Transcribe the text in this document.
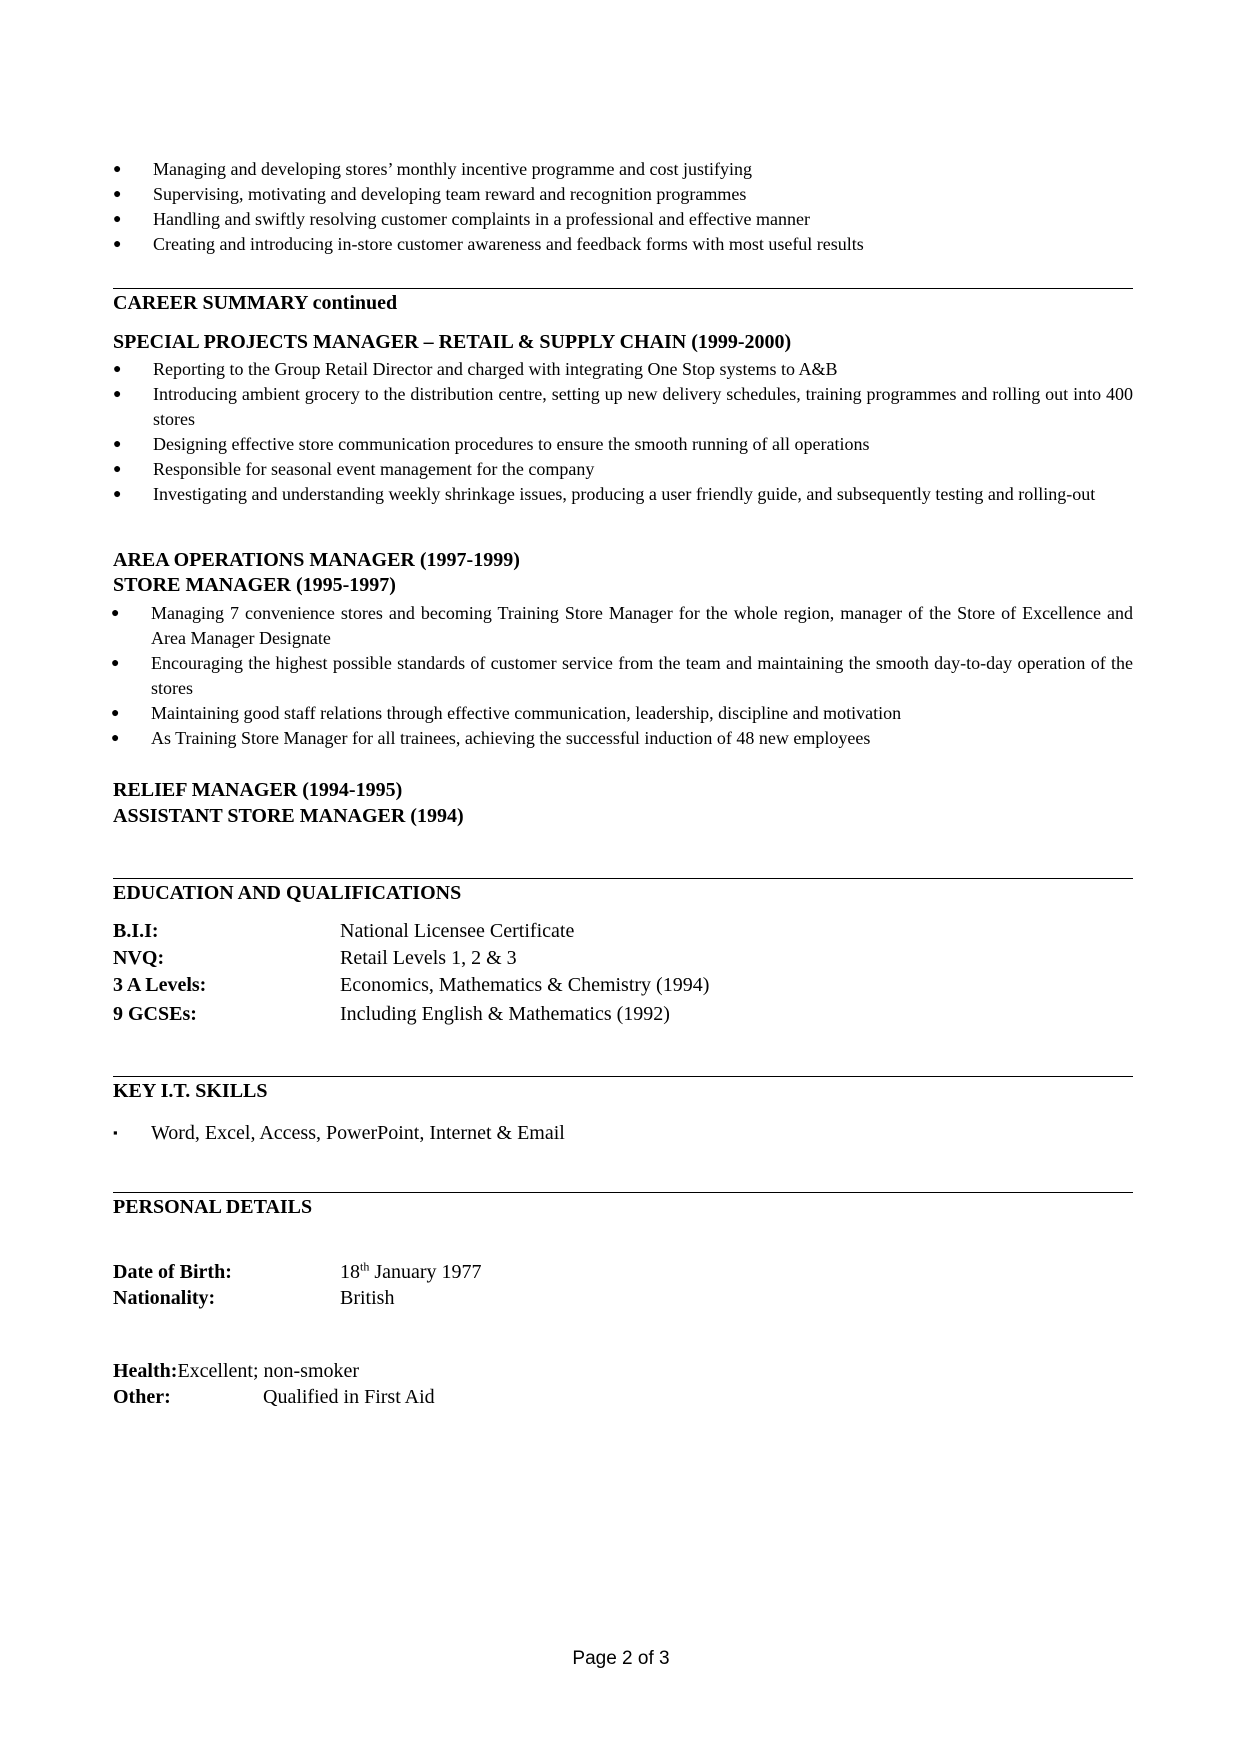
●	Managing and developing stores’ monthly incentive programme and cost justifying
●	Supervising, motivating and developing team reward and recognition programmes
●	Handling and swiftly resolving customer complaints in a professional and effective manner
●	Creating and introducing in-store customer awareness and feedback forms with most useful results
CAREER SUMMARY continued
SPECIAL PROJECTS MANAGER – RETAIL & SUPPLY CHAIN (1999-2000)
●	Reporting to the Group Retail Director and charged with integrating One Stop systems to A&B
●	Introducing ambient grocery to the distribution centre, setting up new delivery schedules, training programmes and rolling out into 400 stores
●	Designing effective store communication procedures to ensure the smooth running of all operations
●	Responsible for seasonal event management for the company
●	Investigating and understanding weekly shrinkage issues, producing a user friendly guide, and subsequently testing and rolling-out
AREA OPERATIONS MANAGER (1997-1999)
STORE MANAGER (1995-1997)
●	Managing 7 convenience stores and becoming Training Store Manager for the whole region, manager of the Store of Excellence and Area Manager Designate
●	Encouraging the highest possible standards of customer service from the team and maintaining the smooth day-to-day operation of the stores
●	Maintaining good staff relations through effective communication, leadership, discipline and motivation
●	As Training Store Manager for all trainees, achieving the successful induction of 48 new employees
RELIEF MANAGER (1994-1995)
ASSISTANT STORE MANAGER (1994)
EDUCATION AND QUALIFICATIONS
B.I.I:	National Licensee Certificate
NVQ:	Retail Levels 1, 2 & 3
3 A Levels:	Economics, Mathematics & Chemistry (1994)
9 GCSEs:	Including English & Mathematics (1992)
KEY I.T. SKILLS
▪ Word, Excel, Access, PowerPoint, Internet & Email
PERSONAL DETAILS
Date of Birth:	18th January 1977
Nationality:	British
Health:Excellent; non-smoker
Other:	Qualified in First Aid
Page 2 of 3
